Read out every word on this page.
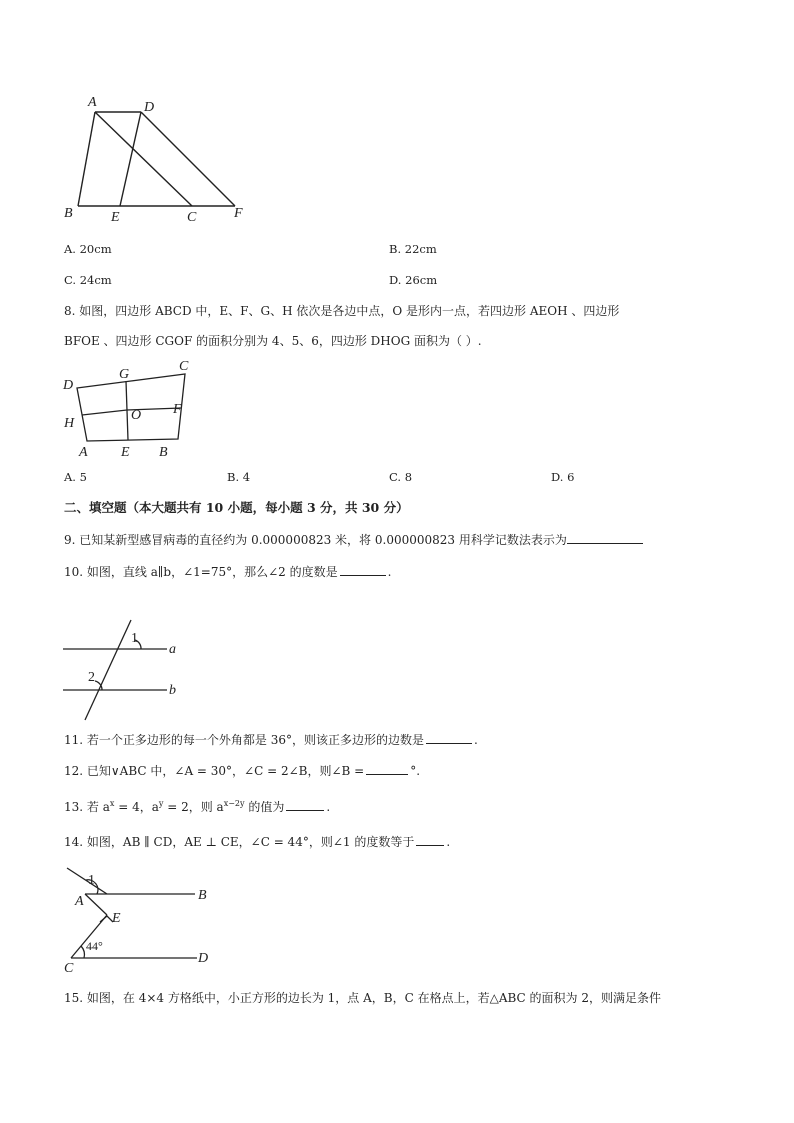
A	D
B	E	C	F
A. 20cm	B. 22cm
C. 24cm	D. 26cm
8. 如图，四边形 ABCD 中，E、F、G、H 依次是各边中点，O 是形内一点，若四边形 AEOH 、四边形
BFOE 、四边形 CGOF 的面积分别为 4、5、6，四边形 DHOG 面积为（ ）.
D
G
C
H
O F
A E B
A. 5	B. 4	C. 8	D. 6
二、填空题（本大题共有 10 小题，每小题 3 分，共 30 分）
9. 已知某新型感冒病毒的直径约为 0.000000823 米，将 0.000000823 用科学记数法表示为
10. 如图，直线 a∥b，∠1=75°，那么∠2 的度数是	.
1
a
2
b
11. 若一个正多边形的每一个外角都是 36°，则该正多边形的边数是	.
12. 已知∨ABC 中，∠A = 30°，∠C = 2∠B，则∠B =	°.
13. 若 $a^x = 4$，$a^y = 2$，则 $a^{x-2y}$ 的值为	.
14. 如图，AB ∥ CD，AE ⊥ CE，∠C = 44°，则∠1 的度数等于	.
1
B
A
E
44°
C
D
15. 如图，在 4×4 方格纸中，小正方形的边长为 1，点 A，B，C 在格点上，若△ABC 的面积为 2，则满足条件
